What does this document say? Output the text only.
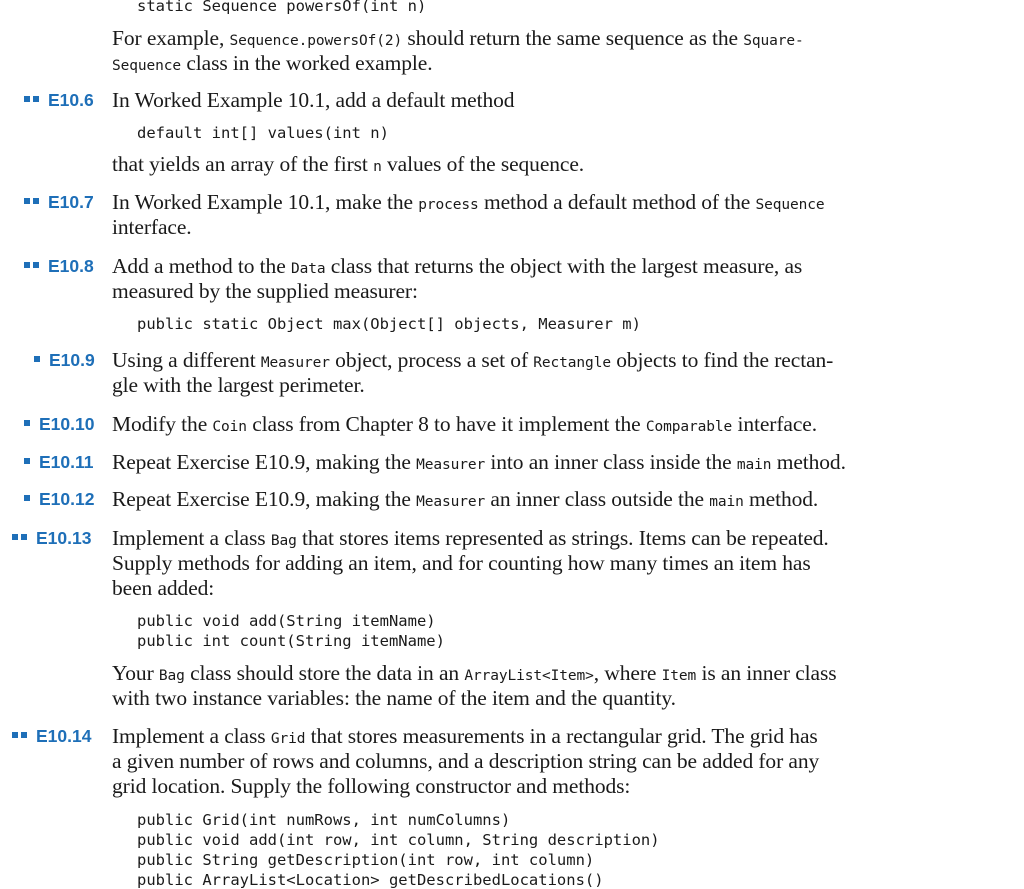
static Sequence powersOf(int n)
For example, Sequence.powersOf(2) should return the same sequence as the Square-
Sequence class in the worked example.
E10.6 In Worked Example 10.1, add a default method
default int[] values(int n)
that yields an array of the first n values of the sequence.
E10.7 In Worked Example 10.1, make the process method a default method of the Sequence
interface.
E10.8 Add a method to the Data class that returns the object with the largest measure, as
measured by the supplied measurer:
public static Object max(Object[] objects, Measurer m)
E10.9 Using a different Measurer object, process a set of Rectangle objects to find the rectan-
gle with the largest perimeter.
E10.10 Modify the Coin class from Chapter 8 to have it implement the Comparable interface.
E10.11 Repeat Exercise E10.9, making the Measurer into an inner class inside the main method.
E10.12 Repeat Exercise E10.9, making the Measurer an inner class outside the main method.
E10.13 Implement a class Bag that stores items represented as strings. Items can be repeated.
Supply methods for adding an item, and for counting how many times an item has
been added:
public void add(String itemName)
public int count(String itemName)
Your Bag class should store the data in an ArrayList<Item>, where Item is an inner class
with two instance variables: the name of the item and the quantity.
E10.14 Implement a class Grid that stores measurements in a rectangular grid. The grid has
a given number of rows and columns, and a description string can be added for any
grid location. Supply the following constructor and methods:
public Grid(int numRows, int numColumns)
public void add(int row, int column, String description)
public String getDescription(int row, int column)
public ArrayList<Location> getDescribedLocations()
